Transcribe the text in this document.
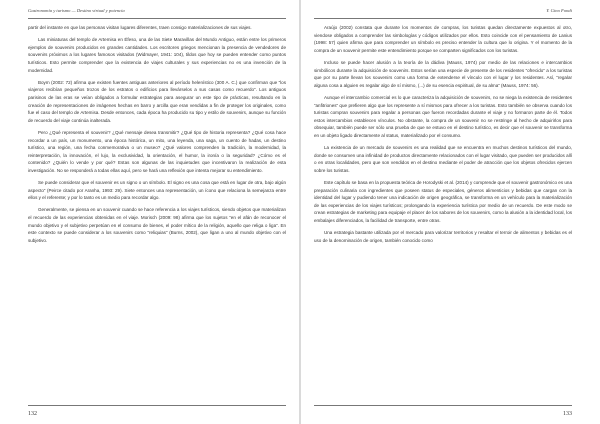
Gastronomía y turismo — Destino virtual y potencia

partir del instante en que las personas visitan lugares diferentes, traen consigo materializaciones de sus viajes.

Las miniaturas del templo de Artemisa en Éfeso, una de las Siete Maravillas del Mundo Antiguo, están entre los primeros ejemplos de souvenirs producidos en grandes cantidades. Los escritores griegos mencionan la presencia de vendedores de souvenirs próximos a los lugares famosos visitados (Widmayer, 1941: 104), tildos que hoy se pueden entender como puntos turísticos. Esto permite comprender que la existencia de viajes culturales y sus experiencias no es una invención de la modernidad.

Boym (2002: 72) afirma que existen fuentes antiguas anteriores al período helenístico (300 A. C.) que confirman que “los viajeros recibían pequeños trozos de los estratos o edificios para llevárselos a sus casas como recuerdo”. Los antiguos parisinos de las eras se veían obligados a formular estrategias para asegurar un este tipo de prácticas, resultando en la creación de representaciones de imágenes hechas en barro y arcilla que eran vendidas a fin de proteger los originales, como fue el caso del templo de Artemisa. Desde entonces, cada época ha producido su tipo y estilo de souvenirs, aunque su función de recuerdo del viaje continúa inalterada.

Pero ¿Qué representa el souvenir? ¿Qué mensaje desea transmitir? ¿Qué tipo de historia representa? ¿Qué cosa hace recordar a un país, un monumento, una época histórica, un mito, una leyenda, una saga, un cuento de hadas, un destino turístico, una región, una fecha conmemorativa o un museo? ¿Qué valores comprenden la tradición, la modernidad, la reinterpretación, la innovación, el lujo, la exclusividad, la orientación, el humor, la ironía o la seguridad? ¿Cómo es el contenido? ¿Quién lo vende y por qué? Estas son algunas de las inquietudes que incentivaron la realización de esta investigación. No se responderá a todas ellas aquí, pero se hará una reflexión que intenta mejorar su entendimiento.

Se puede considerar que el souvenir es un signo o un símbolo. El signo es una cosa que está en lugar de otra, bajo algún aspecto” (Peirce citado por Aranha, 1993: 29). Siete entonces una representación, un ícono que relaciona la semejanza entre ellos y el referente; y por lo tanto es un medio para recordar algo.

Generalmente, se piensa en un souvenir cuando se hace referencia a los viajes turísticos, siendo objetos que materializan el recuerdo de las experiencias obtenidas en el viaje. Morisch (2009: 98) afirma que los sujetos “en el afán de reconocer el mundo objetivo y el subjetivo perpetúan en el consumo de bienes, el poder mítico de la religión, aquello que religa o liga”. En este contexto se puede considerar a los souvenirs como “reliquias” (Burns, 2002), que ligan a uno al mundo objetivo con el subjetivo.

132
Y. Gino Fondi

Araújo (2002) constata que durante los momentos de compras, los turistas quedan directamente expuestos al otro, viendose obligados a comprender las simbologías y códigos utilizados por ellos. Esto coincide con el pensamiento de Lanius (1998: 57) quien afirma que para comprender un símbolo es preciso entender la cultura que lo origina. Y el momento de la compra de un souvenir permite este entendimiento porque se comparten significados con los turistas.

Incluso se puede hacer alusión a la teoría de la dádiva (Mauss, 1974) por medio de las relaciones e intercambios simbólicos durante la adquisición de souvenirs. Estos serían una especie de presente de los residentes “ofrecido” a los turistas que por su parte llevan los souvenirs como una forma de extenderse el vínculo con el lugar y los residentes. Así, “regalar alguna cosa a alguien es regalar algo de sí mismo, (...) de su esencia espiritual, de su alma” (Mauss, 1974: 56).

Aunque el intercambio comercial es lo que caracteriza la adquisición de souvenirs, no se niega la existencia de residentes “anfitriones” que prefieren algo que los represente a sí mismos para ofrecer a los turistas. Esto también se observa cuando los turistas compran souvenirs para regalar a personas que fueron recordadas durante el viaje y no formaron parte de él. Todos estos intercambios establecen vínculos. No obstante, la compra de un souvenir no se restringe al hecho de adquirirlos para obsequiar, también puede ser sólo una prueba de que se estuvo en el destino turístico, es decir que el souvenir se transforma en un objeto ligado directamente al status, materializado por el consumo.

La existencia de un mercado de souvenirs es una realidad que se encuentra en muchos destinos turísticos del mundo, donde se consumen una infinidad de productos directamente relacionados con el lugar visitado, que pueden ser producidos allí o en otras localidades, pero que son vendidos en el destino mediante el poder de atracción que los objetos ofrecidos ejercen sobre los turistas.

Este capítulo se basa en la propuesta teórica de Horodyski et al. (2014) y comprende que el souvenir gastronómico es una preparación culinaria con ingredientes que poseen status de especiales, géneros alimenticios y bebidas que cargan con la identidad del lugar y pudiendo tener una indicación de origen geográfica, se transforma en un vehículo para la materialización de las experiencias de los viajes turísticos; prolongando la experiencia turística por medio de un recuerdo. De este modo se crean estrategias de marketing para equipaje el placer de los sabores de los souvenirs, como la alusión a la identidad local, los embalajes diferenciados, la facilidad de transporte, entre otras.

Una estrategia bastante utilizada por el mercado para valorizar territorios y resaltar el terroir de alimentos y bebidas es el uso de la denominación de origen, también conocido como

133
